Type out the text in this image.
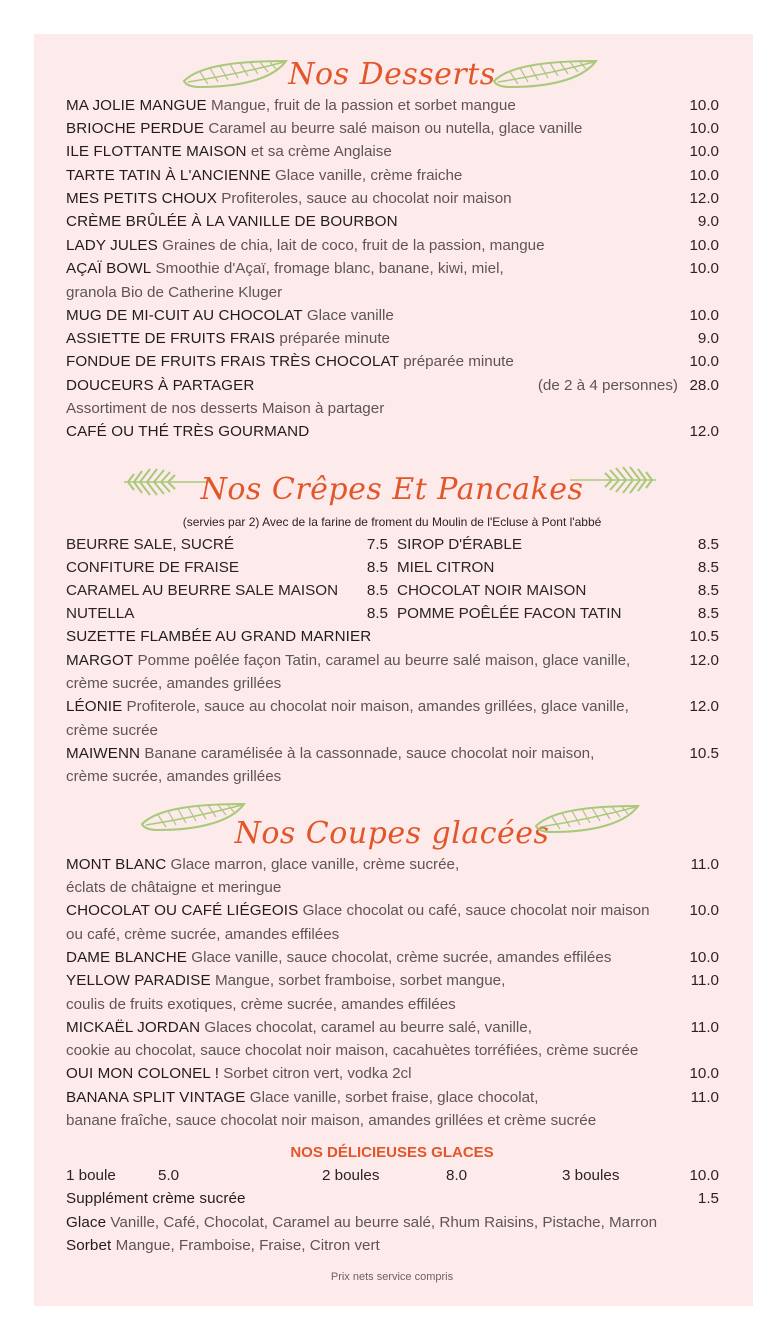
Nos Desserts
MA JOLIE MANGUE Mangue, fruit de la passion et sorbet mangue	10.0
BRIOCHE PERDUE Caramel au beurre salé maison ou nutella, glace vanille	10.0
ILE FLOTTANTE MAISON et sa crème Anglaise	10.0
TARTE TATIN À L'ANCIENNE Glace vanille, crème fraiche	10.0
MES PETITS CHOUX Profiteroles, sauce au chocolat noir maison	12.0
CRÈME BRÛLÉE À LA VANILLE DE BOURBON	9.0
LADY JULES Graines de chia, lait de coco, fruit de la passion, mangue	10.0
AÇAÏ BOWL Smoothie d'Açaï, fromage blanc, banane, kiwi, miel,	10.0
granola Bio de Catherine Kluger
MUG DE MI-CUIT AU CHOCOLAT Glace vanille	10.0
ASSIETTE DE FRUITS FRAIS préparée minute	9.0
FONDUE DE FRUITS FRAIS TRÈS CHOCOLAT préparée minute	10.0
DOUCEURS À PARTAGER	(de 2 à 4 personnes) 28.0
Assortiment de nos desserts Maison à partager
CAFÉ OU THÉ TRÈS GOURMAND	12.0
Nos Crêpes Et Pancakes
(servies par 2) Avec de la farine de froment du Moulin de l'Ecluse à Pont l'abbé
BEURRE SALE, SUCRÉ	7.5 SIROP D'ÉRABLE	8.5
CONFITURE DE FRAISE	8.5 MIEL CITRON	8.5
CARAMEL AU BEURRE SALE MAISON	8.5 CHOCOLAT NOIR MAISON	8.5
NUTELLA	8.5 POMME POÊLÉE FACON TATIN	8.5
SUZETTE FLAMBÉE AU GRAND MARNIER	10.5
MARGOT Pomme poêlée façon Tatin, caramel au beurre salé maison, glace vanille,	12.0
crème sucrée, amandes grillées
LÉONIE Profiterole, sauce au chocolat noir maison, amandes grillées, glace vanille,	12.0
crème sucrée
MAIWENN Banane caramélisée à la cassonnade, sauce chocolat noir maison,	10.5
crème sucrée, amandes grillées
Nos Coupes glacées
MONT BLANC Glace marron, glace vanille, crème sucrée,	11.0
éclats de châtaigne et meringue
CHOCOLAT OU CAFÉ LIÉGEOIS Glace chocolat ou café, sauce chocolat noir maison	10.0
ou café, crème sucrée, amandes effilées
DAME BLANCHE Glace vanille, sauce chocolat, crème sucrée, amandes effilées	10.0
YELLOW PARADISE Mangue, sorbet framboise, sorbet mangue,	11.0
coulis de fruits exotiques, crème sucrée, amandes effilées
MICKAËL JORDAN Glaces chocolat, caramel au beurre salé, vanille,	11.0
cookie au chocolat, sauce chocolat noir maison, cacahuètes torréfiées, crème sucrée
OUI MON COLONEL ! Sorbet citron vert, vodka 2cl	10.0
BANANA SPLIT VINTAGE Glace vanille, sorbet fraise, glace chocolat,	11.0
banane fraîche, sauce chocolat noir maison, amandes grillées et crème sucrée
NOS DÉLICIEUSES GLACES
1 boule	5.0	2 boules	8.0	3 boules	10.0
Supplément crème sucrée	1.5
Glace Vanille, Café, Chocolat, Caramel au beurre salé, Rhum Raisins, Pistache, Marron
Sorbet Mangue, Framboise, Fraise, Citron vert
Prix nets service compris
